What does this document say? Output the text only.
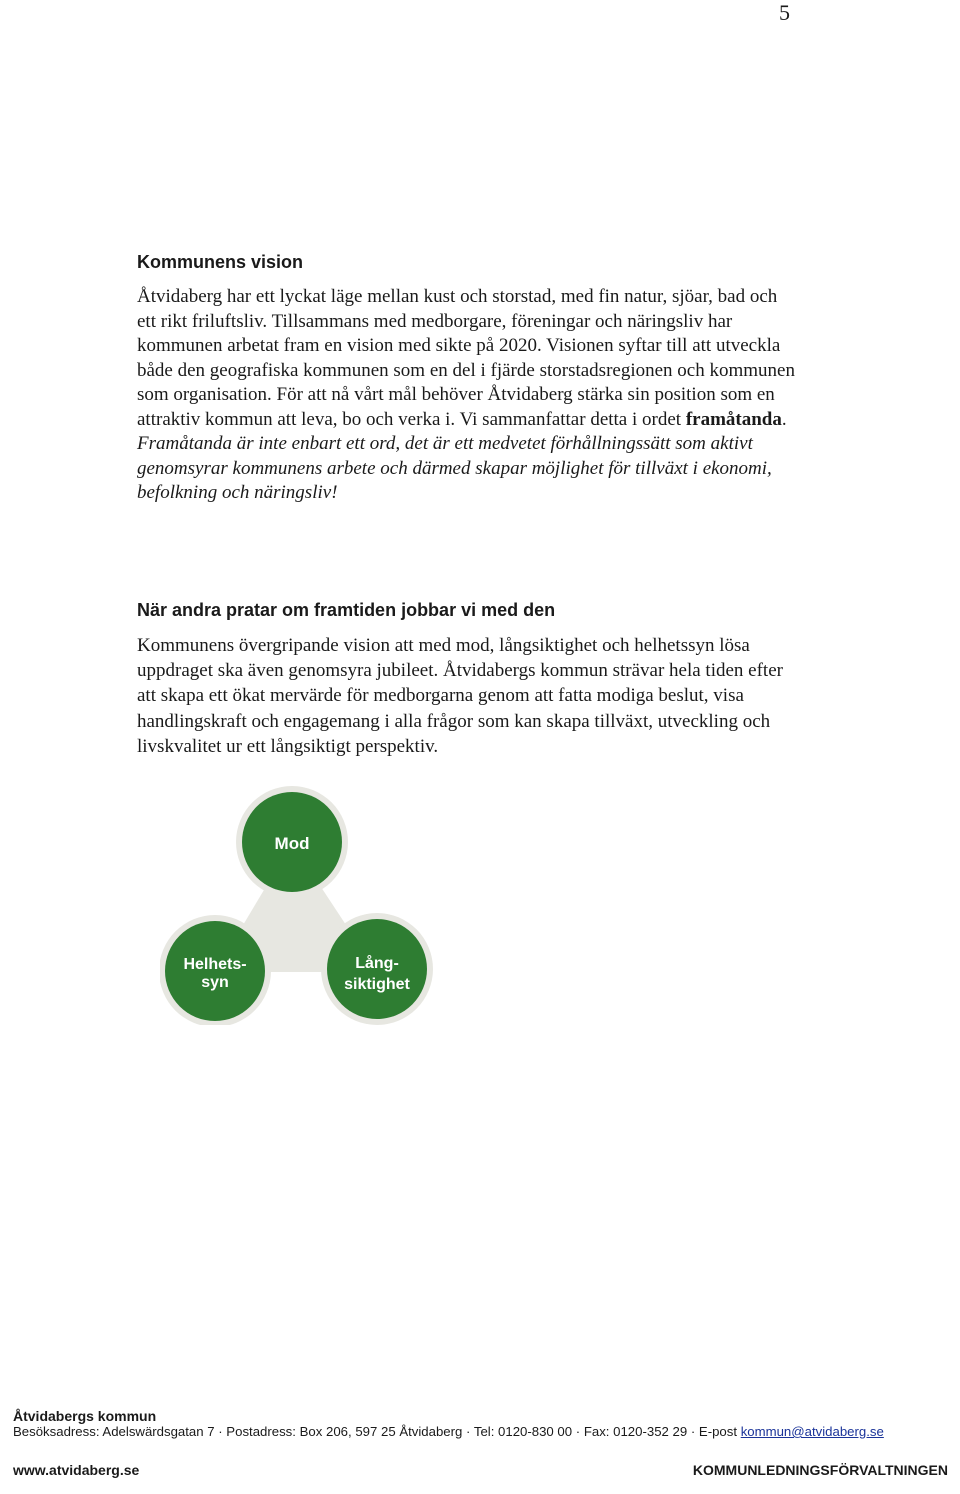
5
Kommunens vision

Åtvidaberg har ett lyckat läge mellan kust och storstad, med fin natur, sjöar, bad och ett rikt friluftsliv. Tillsammans med medborgare, föreningar och näringsliv har kommunen arbetat fram en vision med sikte på 2020. Visionen syftar till att utveckla både den geografiska kommunen som en del i fjärde storstadsregionen och kommunen som organisation. För att nå vårt mål behöver Åtvidaberg stärka sin position som en attraktiv kommun att leva, bo och verka i. Vi sammanfattar detta i ordet framåtanda. Framåtanda är inte enbart ett ord, det är ett medvetet förhållningssätt som aktivt genomsyrar kommunens arbete och därmed skapar möjlighet för tillväxt i ekonomi, befolkning och näringsliv!

När andra pratar om framtiden jobbar vi med den

Kommunens övergripande vision att med mod, långsiktighet och helhetssyn lösa uppdraget ska även genomsyra jubileet. Åtvidabergs kommun strävar hela tiden efter att skapa ett ökat mervärde för medborgarna genom att fatta modiga beslut, visa handlingskraft och engagemang i alla frågor som kan skapa tillväxt, utveckling och livskvalitet ur ett långsiktigt perspektiv.

Mod
Helhets-
syn
Lång-
siktighet
Åtvidabergs kommun
Besöksadress: Adelswärdsgatan 7 · Postadress: Box 206, 597 25 Åtvidaberg · Tel: 0120-830 00 · Fax: 0120-352 29 · E-post kommun@atvidaberg.se
www.atvidaberg.se	KOMMUNLEDNINGSFÖRVALTNINGEN
